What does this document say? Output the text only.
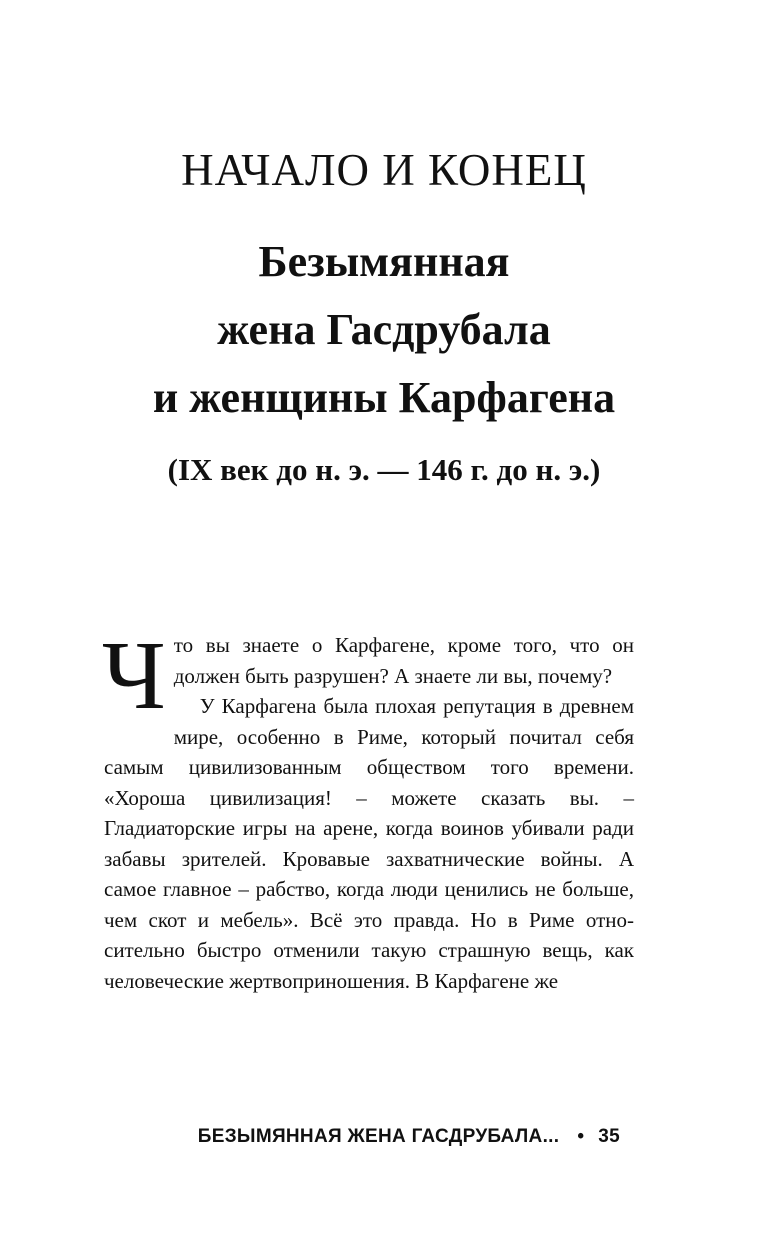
НАЧАЛО И КОНЕЦ
Безымянная
жена Гасдрубала
и женщины Карфагена
(IX век до н. э. — 146 г. до н. э.)
Ч то вы знаете о Карфагене, кроме того, что он должен быть разрушен? А знаете ли вы, почему?

У Карфагена была плохая репутация в древнем мире, особенно в Риме, который почитал себя самым цивилизованным обществом того времени. «Хороша цивилизация! – можете сказать вы. – Гладиаторские игры на арене, когда воинов убивали ради забавы зрителей. Кровавые захватнические войны. А самое главное – рабство, когда люди ценились не больше, чем скот и мебель». Всё это правда. Но в Риме относительно быстро отменили такую страшную вещь, как человеческие жертвоприношения. В Карфагене же

БЕЗЫМЯННАЯ ЖЕНА ГАСДРУБАЛА... • 35
